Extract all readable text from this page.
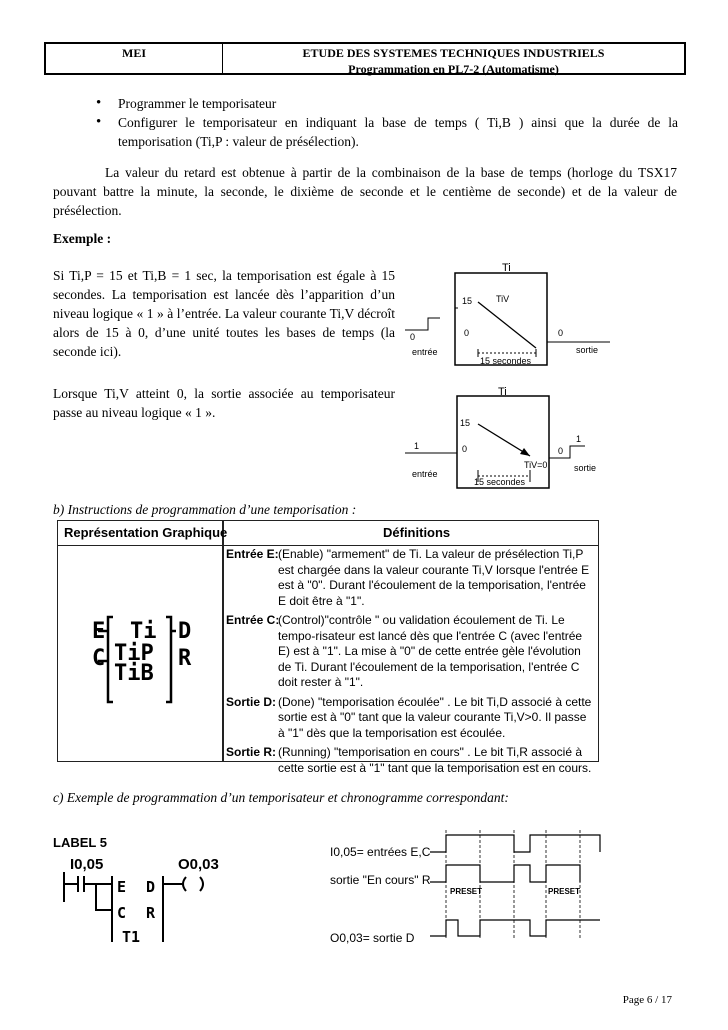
MEI	ETUDE DES SYSTEMES TECHNIQUES INDUSTRIELS
Programmation en PL7-2 (Automatisme)
• Programmer le temporisateur
• Configurer le temporisateur en indiquant la base de temps ( Ti,B ) ainsi que la durée de la temporisation (Ti,P : valeur de présélection).
La valeur du retard est obtenue à partir de la combinaison de la base de temps (horloge du TSX17 pouvant battre la minute, la seconde, le dixième de seconde et le centième de seconde) et de la valeur de présélection.
Exemple :
Si Ti,P = 15 et Ti,B = 1 sec, la temporisation est égale à 15 secondes. La temporisation est lancée dès l’apparition d’un niveau logique « 1 » à l’entrée. La valeur courante Ti,V décroît alors de 15 à 0, d’une unité toutes les bases de temps (la seconde ici).
Lorsque Ti,V atteint 0, la sortie associée au temporisateur passe au niveau logique « 1 ».
Ti
15	TiV
0	0	0
entrée	sortie
15 secondes
Ti
15
1	0	0
1
TiV=0
entrée
sortie
15 secondes
b) Instructions de programmation d’une temporisation :
Représentation Graphique	Définitions
E Ti D
C TiP R
TiB
Entrée E: (Enable) "armement" de Ti. La valeur de présélection Ti,P est chargée dans la valeur courante Ti,V lorsque l'entrée E est à "0". Durant l'écoulement de la temporisation, l'entrée E doit être à "1".
Entrée C:
(Control)"contrôle " ou validation écoulement de Ti. Le tempo-risateur est lancé dès que l'entrée C (avec l'entrée E) est à "1". La mise à "0" de cette entrée gèle l'évolution de Ti. Durant l'écoulement de la temporisation, l'entrée C doit rester à "1".
Sortie D: (Done) "temporisation écoulée" . Le bit Ti,D associé à cette sortie est à "0" tant que la valeur courante Ti,V>0. Il passe à "1" dès que la temporisation est écoulée.
Sortie R: (Running) "temporisation en cours" . Le bit Ti,R associé à cette sortie est à "1" tant que la temporisation est en cours.
c) Exemple de programmation d’un temporisateur et chronogramme correspondant:
LABEL 5
I0,05	O0,03
E D
C R
T1
I0,05= entrées E,C
sortie "En cours" R
O0,03= sortie D
PRESET	PRESET
Page 6 / 17
